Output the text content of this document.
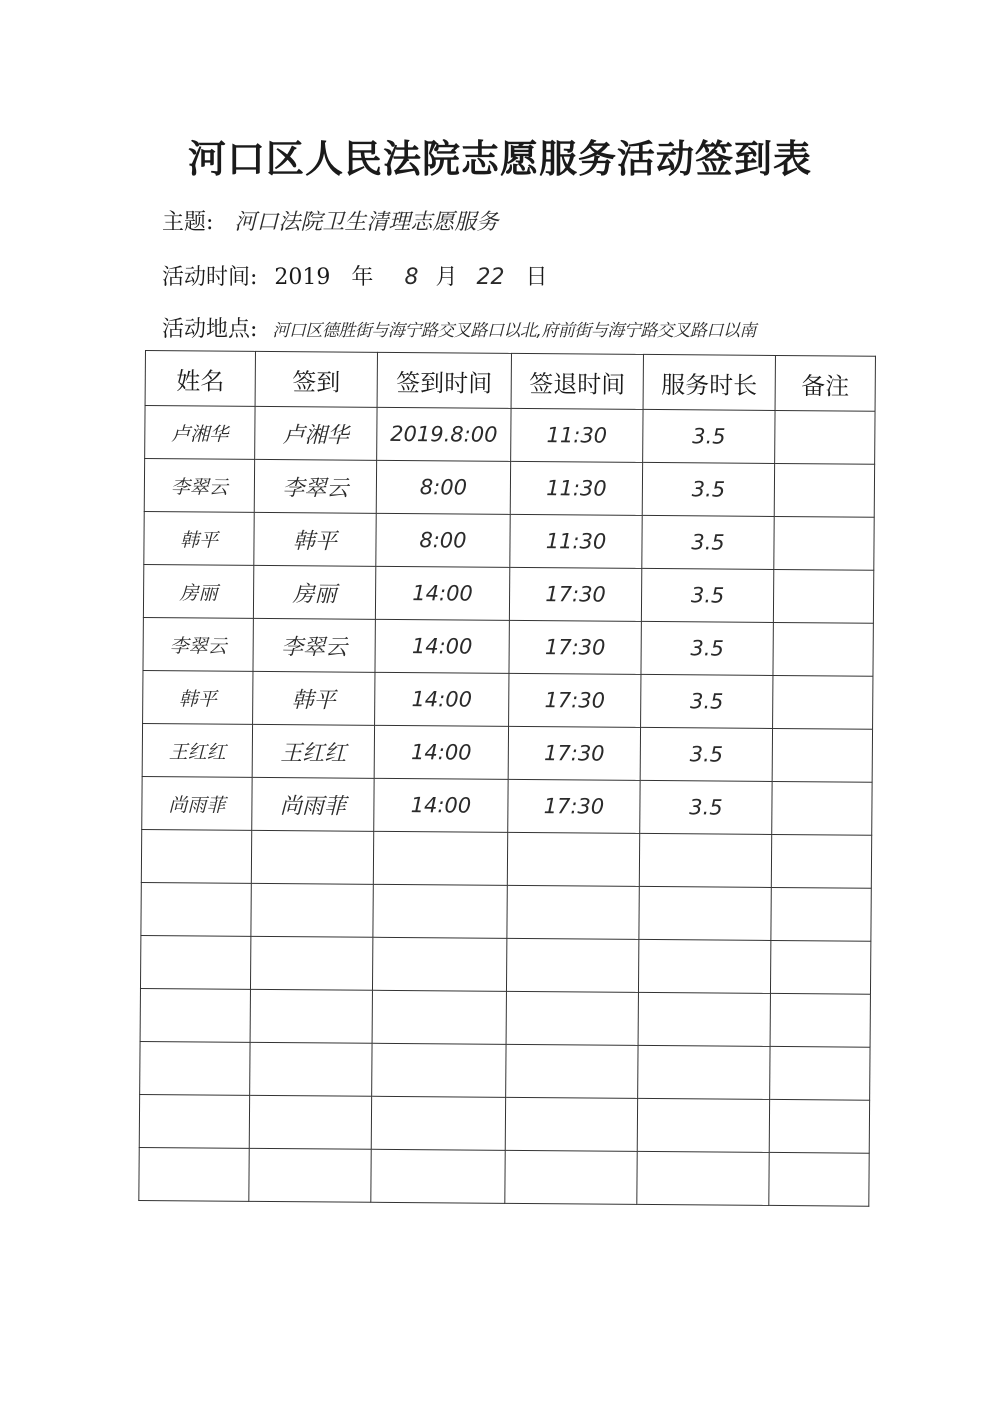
河口区人民法院志愿服务活动签到表
主题: 河口法院卫生清理志愿服务
活动时间: 2019 年 8 月 22 日
活动地点: 河口区德胜街与海宁路交叉路口以北,府前街与海宁路交叉路口以南
姓名	签到	签到时间	签退时间	服务时长	备注
卢湘华	卢湘华	2019.8:00	11:30	3.5	
李翠云	李翠云	8:00	11:30	3.5	
韩平	韩平	8:00	11:30	3.5	
房丽	房丽	14:00	17:30	3.5	
李翠云	李翠云	14:00	17:30	3.5	
韩平	韩平	14:00	17:30	3.5	
王红红	王红红	14:00	17:30	3.5	
尚雨菲	尚雨菲	14:00	17:30	3.5	
